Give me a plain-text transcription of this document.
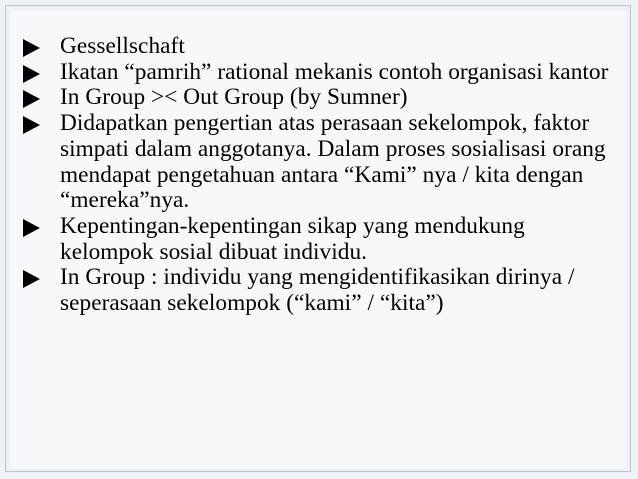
Gessellschaft
Ikatan “pamrih” rational mekanis contoh organisasi kantor
In Group >< Out Group (by Sumner)
Didapatkan pengertian atas perasaan sekelompok, faktor simpati dalam anggotanya. Dalam proses sosialisasi orang mendapat pengetahuan antara “Kami” nya / kita dengan “mereka”nya.
Kepentingan-kepentingan sikap yang mendukung kelompok sosial dibuat individu.
In Group : individu yang mengidentifikasikan dirinya / seperasaan sekelompok (“kami” / “kita”)
